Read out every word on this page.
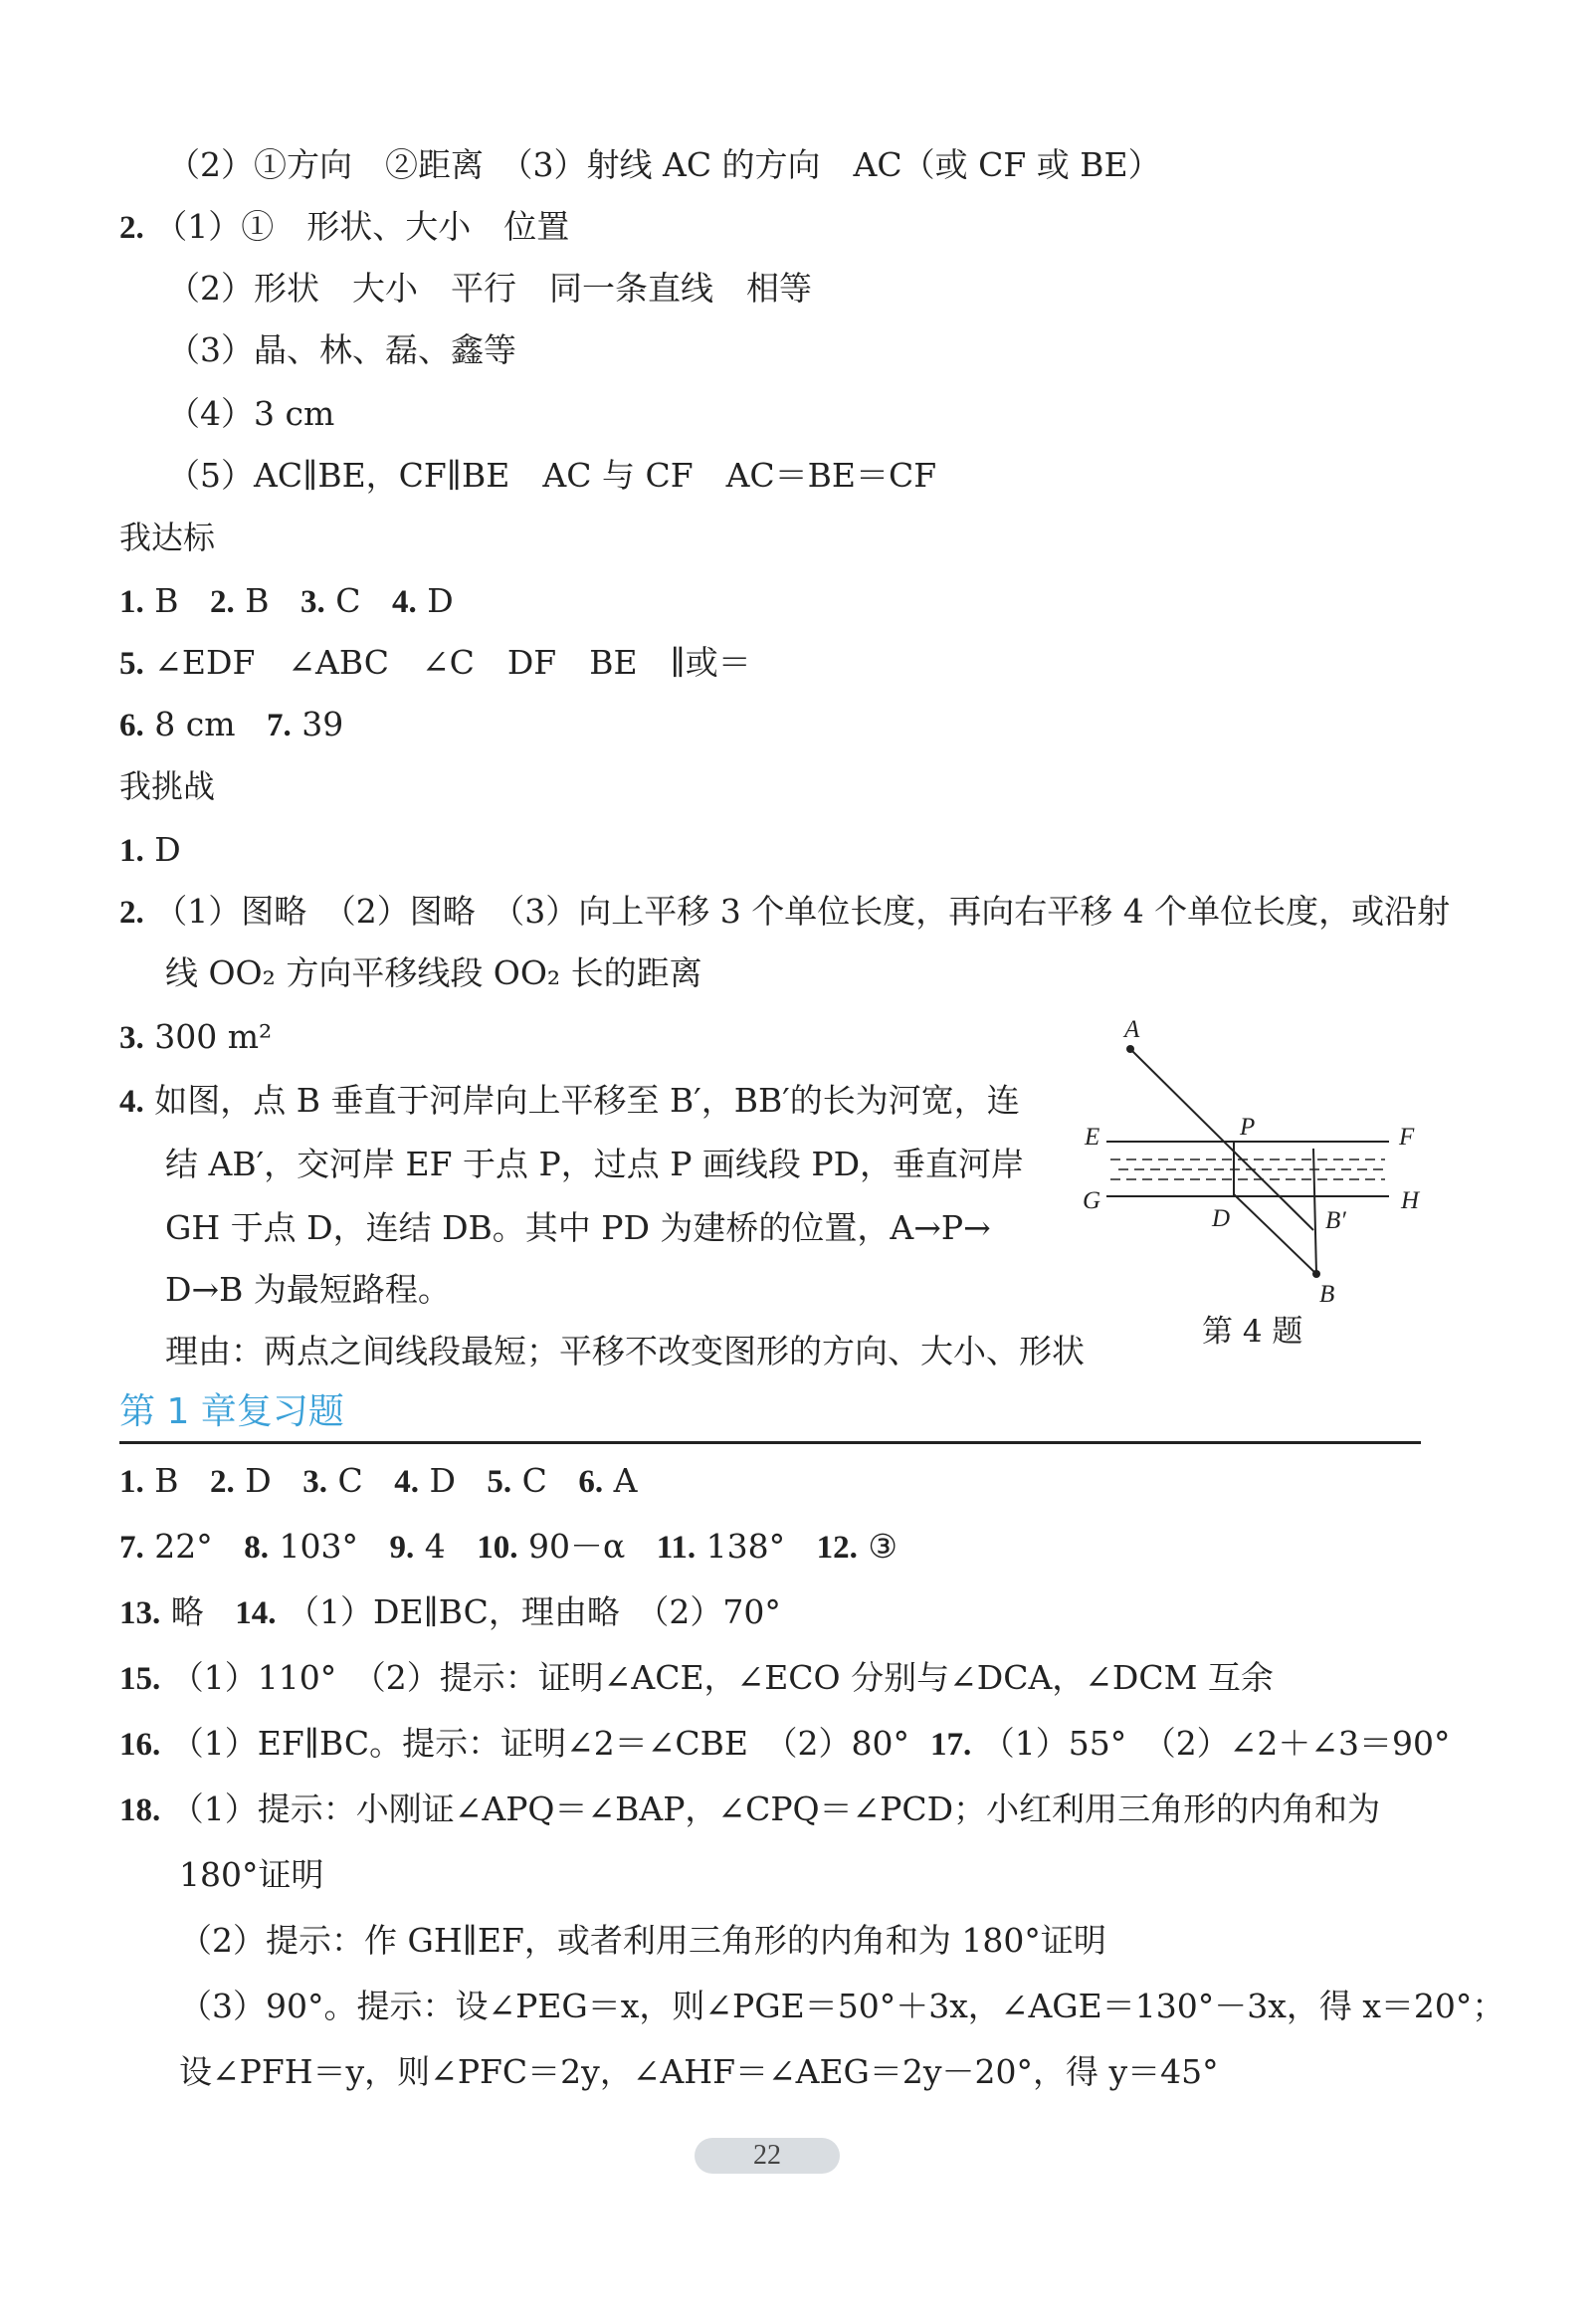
（2）①方向　②距离　（3）射线 AC 的方向　AC（或 CF 或 BE）
2. （1）①　形状、大小　位置
（2）形状　大小　平行　同一条直线　相等
（3）晶、林、磊、鑫等
（4）3 cm
（5）AC∥BE，CF∥BE　AC 与 CF　AC＝BE＝CF
我达标
1. B 2. B 3. C 4. D
5. ∠EDF　∠ABC　∠C　DF　BE　∥或＝
6. 8 cm 7. 39
我挑战
1. D
2. （1）图略　（2）图略　（3）向上平移 3 个单位长度，再向右平移 4 个单位长度，或沿射
线 OO₂ 方向平移线段 OO₂ 长的距离
3. 300 m²
4. 如图，点 B 垂直于河岸向上平移至 B′，BB′的长为河宽，连
结 AB′，交河岸 EF 于点 P，过点 P 画线段 PD，垂直河岸
GH 于点 D，连结 DB。其中 PD 为建桥的位置，A→P→
D→B 为最短路程。
理由：两点之间线段最短；平移不改变图形的方向、大小、形状
A
P
E	F
G	H
D	B′
B
第 4 题
第 1 章复习题
1. B 2. D 3. C 4. D 5. C 6. A
7. 22° 8. 103° 9. 4 10. 90－α 11. 138° 12. ③
13. 略 14. （1）DE∥BC，理由略　（2）70°
15. （1）110°　（2）提示：证明∠ACE，∠ECO 分别与∠DCA，∠DCM 互余
16. （1）EF∥BC。提示：证明∠2＝∠CBE　（2）80° 17. （1）55°　（2）∠2＋∠3＝90°
18. （1）提示：小刚证∠APQ＝∠BAP，∠CPQ＝∠PCD；小红利用三角形的内角和为
180°证明
（2）提示：作 GH∥EF，或者利用三角形的内角和为 180°证明
（3）90°。提示：设∠PEG＝x，则∠PGE＝50°＋3x，∠AGE＝130°－3x，得 x＝20°；
设∠PFH＝y，则∠PFC＝2y，∠AHF＝∠AEG＝2y－20°，得 y＝45°
22
